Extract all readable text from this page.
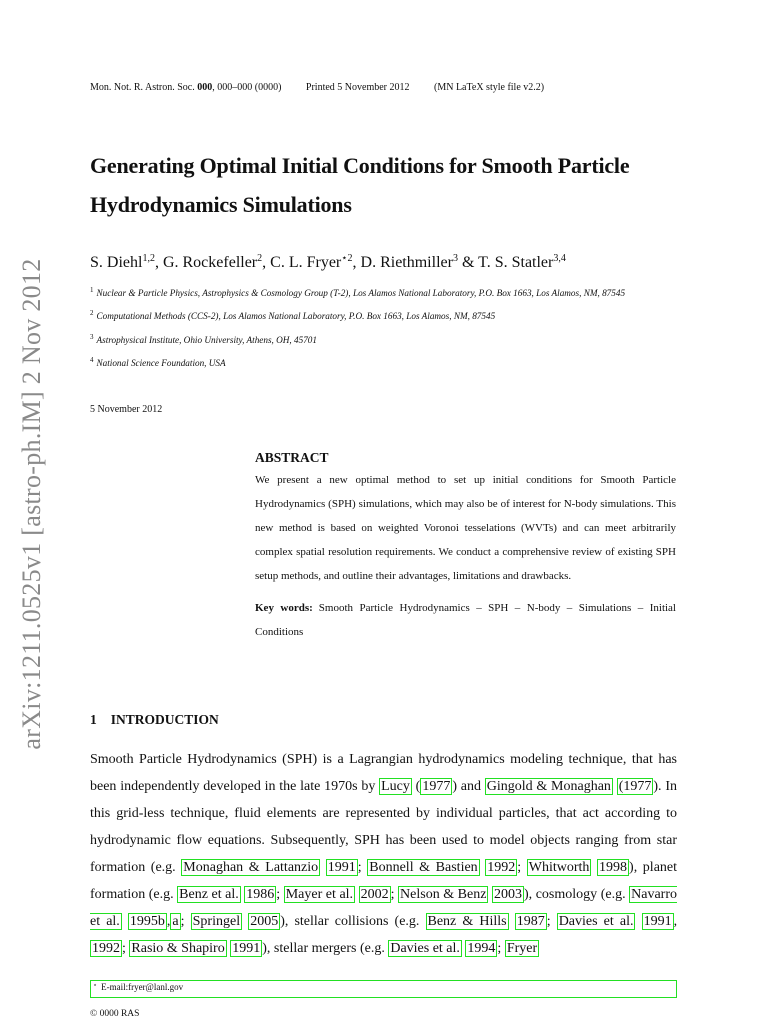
Mon. Not. R. Astron. Soc. 000, 000–000 (0000) Printed 5 November 2012 (MN LaTeX style file v2.2)
arXiv:1211.0525v1 [astro-ph.IM] 2 Nov 2012
Generating Optimal Initial Conditions for Smooth Particle Hydrodynamics Simulations
S. Diehl$^{1,2}$, G. Rockefeller$^2$, C. L. Fryer$^{⋆2}$, D. Riethmiller$^3$ & T. S. Statler$^{3,4}$
$^1$ Nuclear & Particle Physics, Astrophysics & Cosmology Group (T-2), Los Alamos National Laboratory, P.O. Box 1663, Los Alamos, NM, 87545
$^2$ Computational Methods (CCS-2), Los Alamos National Laboratory, P.O. Box 1663, Los Alamos, NM, 87545
$^3$ Astrophysical Institute, Ohio University, Athens, OH, 45701
$^4$ National Science Foundation, USA
5 November 2012
ABSTRACT
We present a new optimal method to set up initial conditions for Smooth Particle Hydrodynamics (SPH) simulations, which may also be of interest for N-body simulations. This new method is based on weighted Voronoi tesselations (WVTs) and can meet arbitrarily complex spatial resolution requirements. We conduct a comprehensive review of existing SPH setup methods, and outline their advantages, limitations and drawbacks.
Key words: Smooth Particle Hydrodynamics – SPH – N-body – Simulations – Initial Conditions
1 INTRODUCTION
Smooth Particle Hydrodynamics (SPH) is a Lagrangian hydrodynamics modeling technique, that has been independently developed in the late 1970s by Lucy ( 1977 ) and Gingold & Monaghan (1977 ). In this grid-less technique, fluid elements are represented by individual particles, that act according to hydrodynamic flow equations. Subsequently, SPH has been used to model objects ranging from star formation (e.g. Monaghan & Lattanzio 1991 ; Bonnell & Bastien 1992 ; Whitworth 1998 ), planet formation (e.g. Benz et al. 1986 ; Mayer et al. 2002 ; Nelson & Benz 2003 ), cosmology (e.g. Navarro et al. 1995b , a ; Springel 2005 ), stellar collisions (e.g. Benz & Hills 1987 ; Davies et al. 1991 , 1992 ; Rasio & Shapiro 1991 ), stellar mergers (e.g. Davies et al. 1994 ; Fryer
⋆ E-mail:fryer@lanl.gov
© 0000 RAS
